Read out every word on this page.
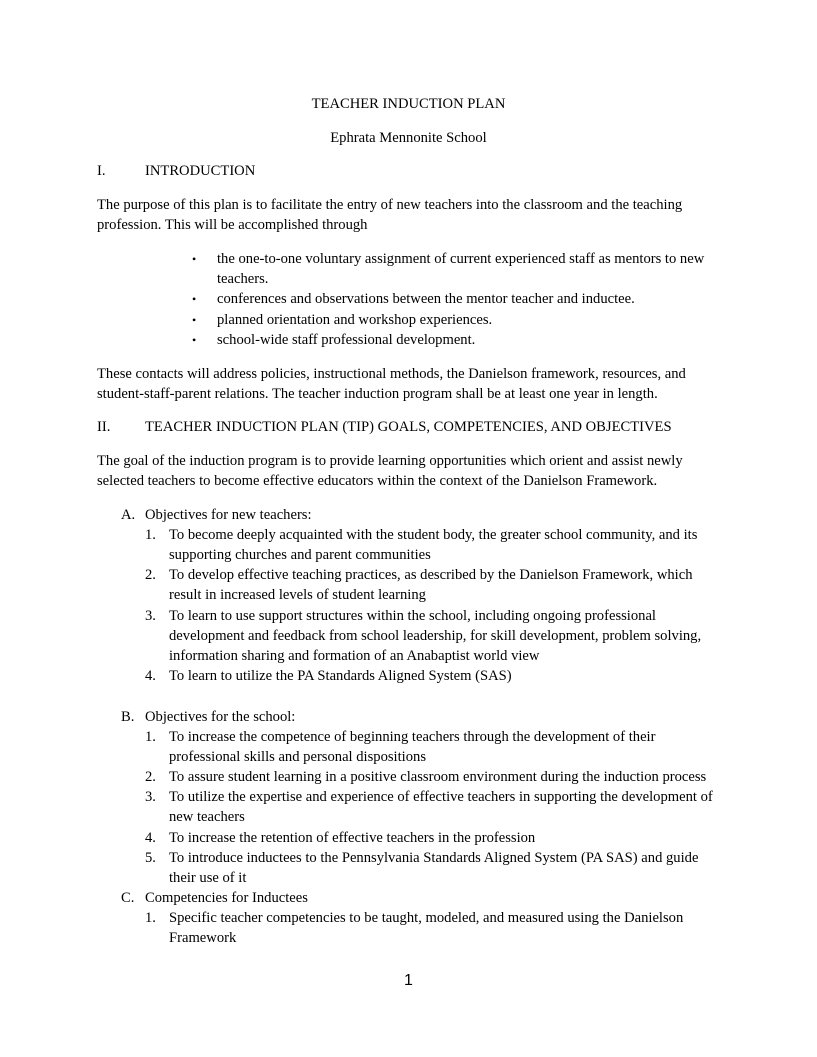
TEACHER INDUCTION PLAN
Ephrata Mennonite School
I.	INTRODUCTION
The purpose of this plan is to facilitate the entry of new teachers into the classroom and the teaching
profession. This will be accomplished through
• the one-to-one voluntary assignment of current experienced staff as mentors to new
teachers.
• conferences and observations between the mentor teacher and inductee.
• planned orientation and workshop experiences.
• school-wide staff professional development.
These contacts will address policies, instructional methods, the Danielson framework, resources, and
student-staff-parent relations. The teacher induction program shall be at least one year in length.
II. TEACHER INDUCTION PLAN (TIP) GOALS, COMPETENCIES, AND OBJECTIVES
The goal of the induction program is to provide learning opportunities which orient and assist newly
selected teachers to become effective educators within the context of the Danielson Framework.
A. Objectives for new teachers:
1. To become deeply acquainted with the student body, the greater school community, and its
supporting churches and parent communities
2. To develop effective teaching practices, as described by the Danielson Framework, which
result in increased levels of student learning
3. To learn to use support structures within the school, including ongoing professional
development and feedback from school leadership, for skill development, problem solving,
information sharing and formation of an Anabaptist world view
4. To learn to utilize the PA Standards Aligned System (SAS)
B. Objectives for the school:
1. To increase the competence of beginning teachers through the development of their
professional skills and personal dispositions
2. To assure student learning in a positive classroom environment during the induction process
3. To utilize the expertise and experience of effective teachers in supporting the development of
new teachers
4. To increase the retention of effective teachers in the profession
5. To introduce inductees to the Pennsylvania Standards Aligned System (PA SAS) and guide
their use of it
C. Competencies for Inductees
1. Specific teacher competencies to be taught, modeled, and measured using the Danielson
Framework
1
